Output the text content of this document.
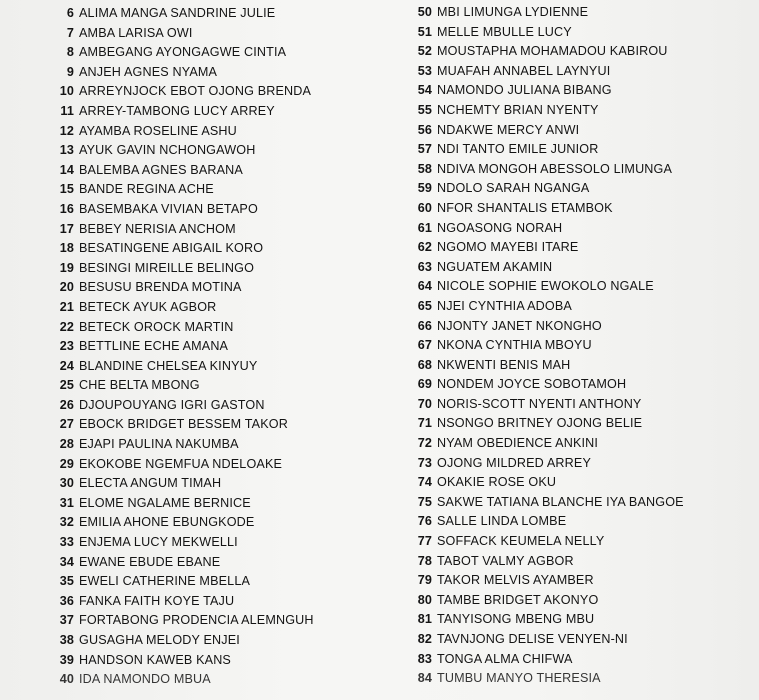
6 ALIMA MANGA SANDRINE JULIE
7 AMBA LARISA OWI
8 AMBEGANG AYONGAGWE CINTIA
9 ANJEH AGNES NYAMA
10 ARREYNJOCK EBOT OJONG BRENDA
11 ARREY-TAMBONG LUCY ARREY
12 AYAMBA ROSELINE ASHU
13 AYUK GAVIN NCHONGAWOH
14 BALEMBA AGNES BARANA
15 BANDE REGINA ACHE
16 BASEMBAKA VIVIAN BETAPO
17 BEBEY NERISIA ANCHOM
18 BESATINGENE ABIGAIL KORO
19 BESINGI MIREILLE BELINGO
20 BESUSU BRENDA MOTINA
21 BETECK AYUK AGBOR
22 BETECK OROCK MARTIN
23 BETTLINE ECHE AMANA
24 BLANDINE CHELSEA KINYUY
25 CHE BELTA MBONG
26 DJOUPOUYANG IGRI GASTON
27 EBOCK BRIDGET BESSEM TAKOR
28 EJAPI PAULINA NAKUMBA
29 EKOKOBE NGEMFUA NDELOAKE
30 ELECTA ANGUM TIMAH
31 ELOME NGALAME BERNICE
32 EMILIA AHONE EBUNGKODE
33 ENJEMA LUCY MEKWELLI
34 EWANE EBUDE EBANE
35 EWELI CATHERINE MBELLA
36 FANKA FAITH KOYE TAJU
37 FORTABONG PRODENCIA ALEMNGUH
38 GUSAGHA MELODY ENJEI
39 HANDSON KAWEB KANS
40 IDA NAMONDO MBUA
50 MBI LIMUNGA LYDIENNE
51 MELLE MBULLE LUCY
52 MOUSTAPHA MOHAMADOU KABIROU
53 MUAFAH ANNABEL LAYNYUI
54 NAMONDO JULIANA BIBANG
55 NCHEMTY BRIAN NYENTY
56 NDAKWE MERCY ANWI
57 NDI TANTO EMILE JUNIOR
58 NDIVA MONGOH ABESSOLO LIMUNGA
59 NDOLO SARAH NGANGA
60 NFOR SHANTALIS ETAMBOK
61 NGOASONG NORAH
62 NGOMO MAYEBI ITARE
63 NGUATEM AKAMIN
64 NICOLE SOPHIE EWOKOLO NGALE
65 NJEI CYNTHIA ADOBA
66 NJONTY JANET NKONGHO
67 NKONA CYNTHIA MBOYU
68 NKWENTI BENIS MAH
69 NONDEM JOYCE SOBOTAMOH
70 NORIS-SCOTT NYENTI ANTHONY
71 NSONGO BRITNEY OJONG BELIE
72 NYAM OBEDIENCE ANKINI
73 OJONG MILDRED ARREY
74 OKAKIE ROSE OKU
75 SAKWE TATIANA BLANCHE IYA BANGOE
76 SALLE LINDA LOMBE
77 SOFFACK KEUMELA NELLY
78 TABOT VALMY AGBOR
79 TAKOR MELVIS AYAMBER
80 TAMBE BRIDGET AKONYO
81 TANYISONG MBENG MBU
82 TAVNJONG DELISE VENYEN-NI
83 TONGA ALMA CHIFWA
84 TUMBU MANYO THERESIA
